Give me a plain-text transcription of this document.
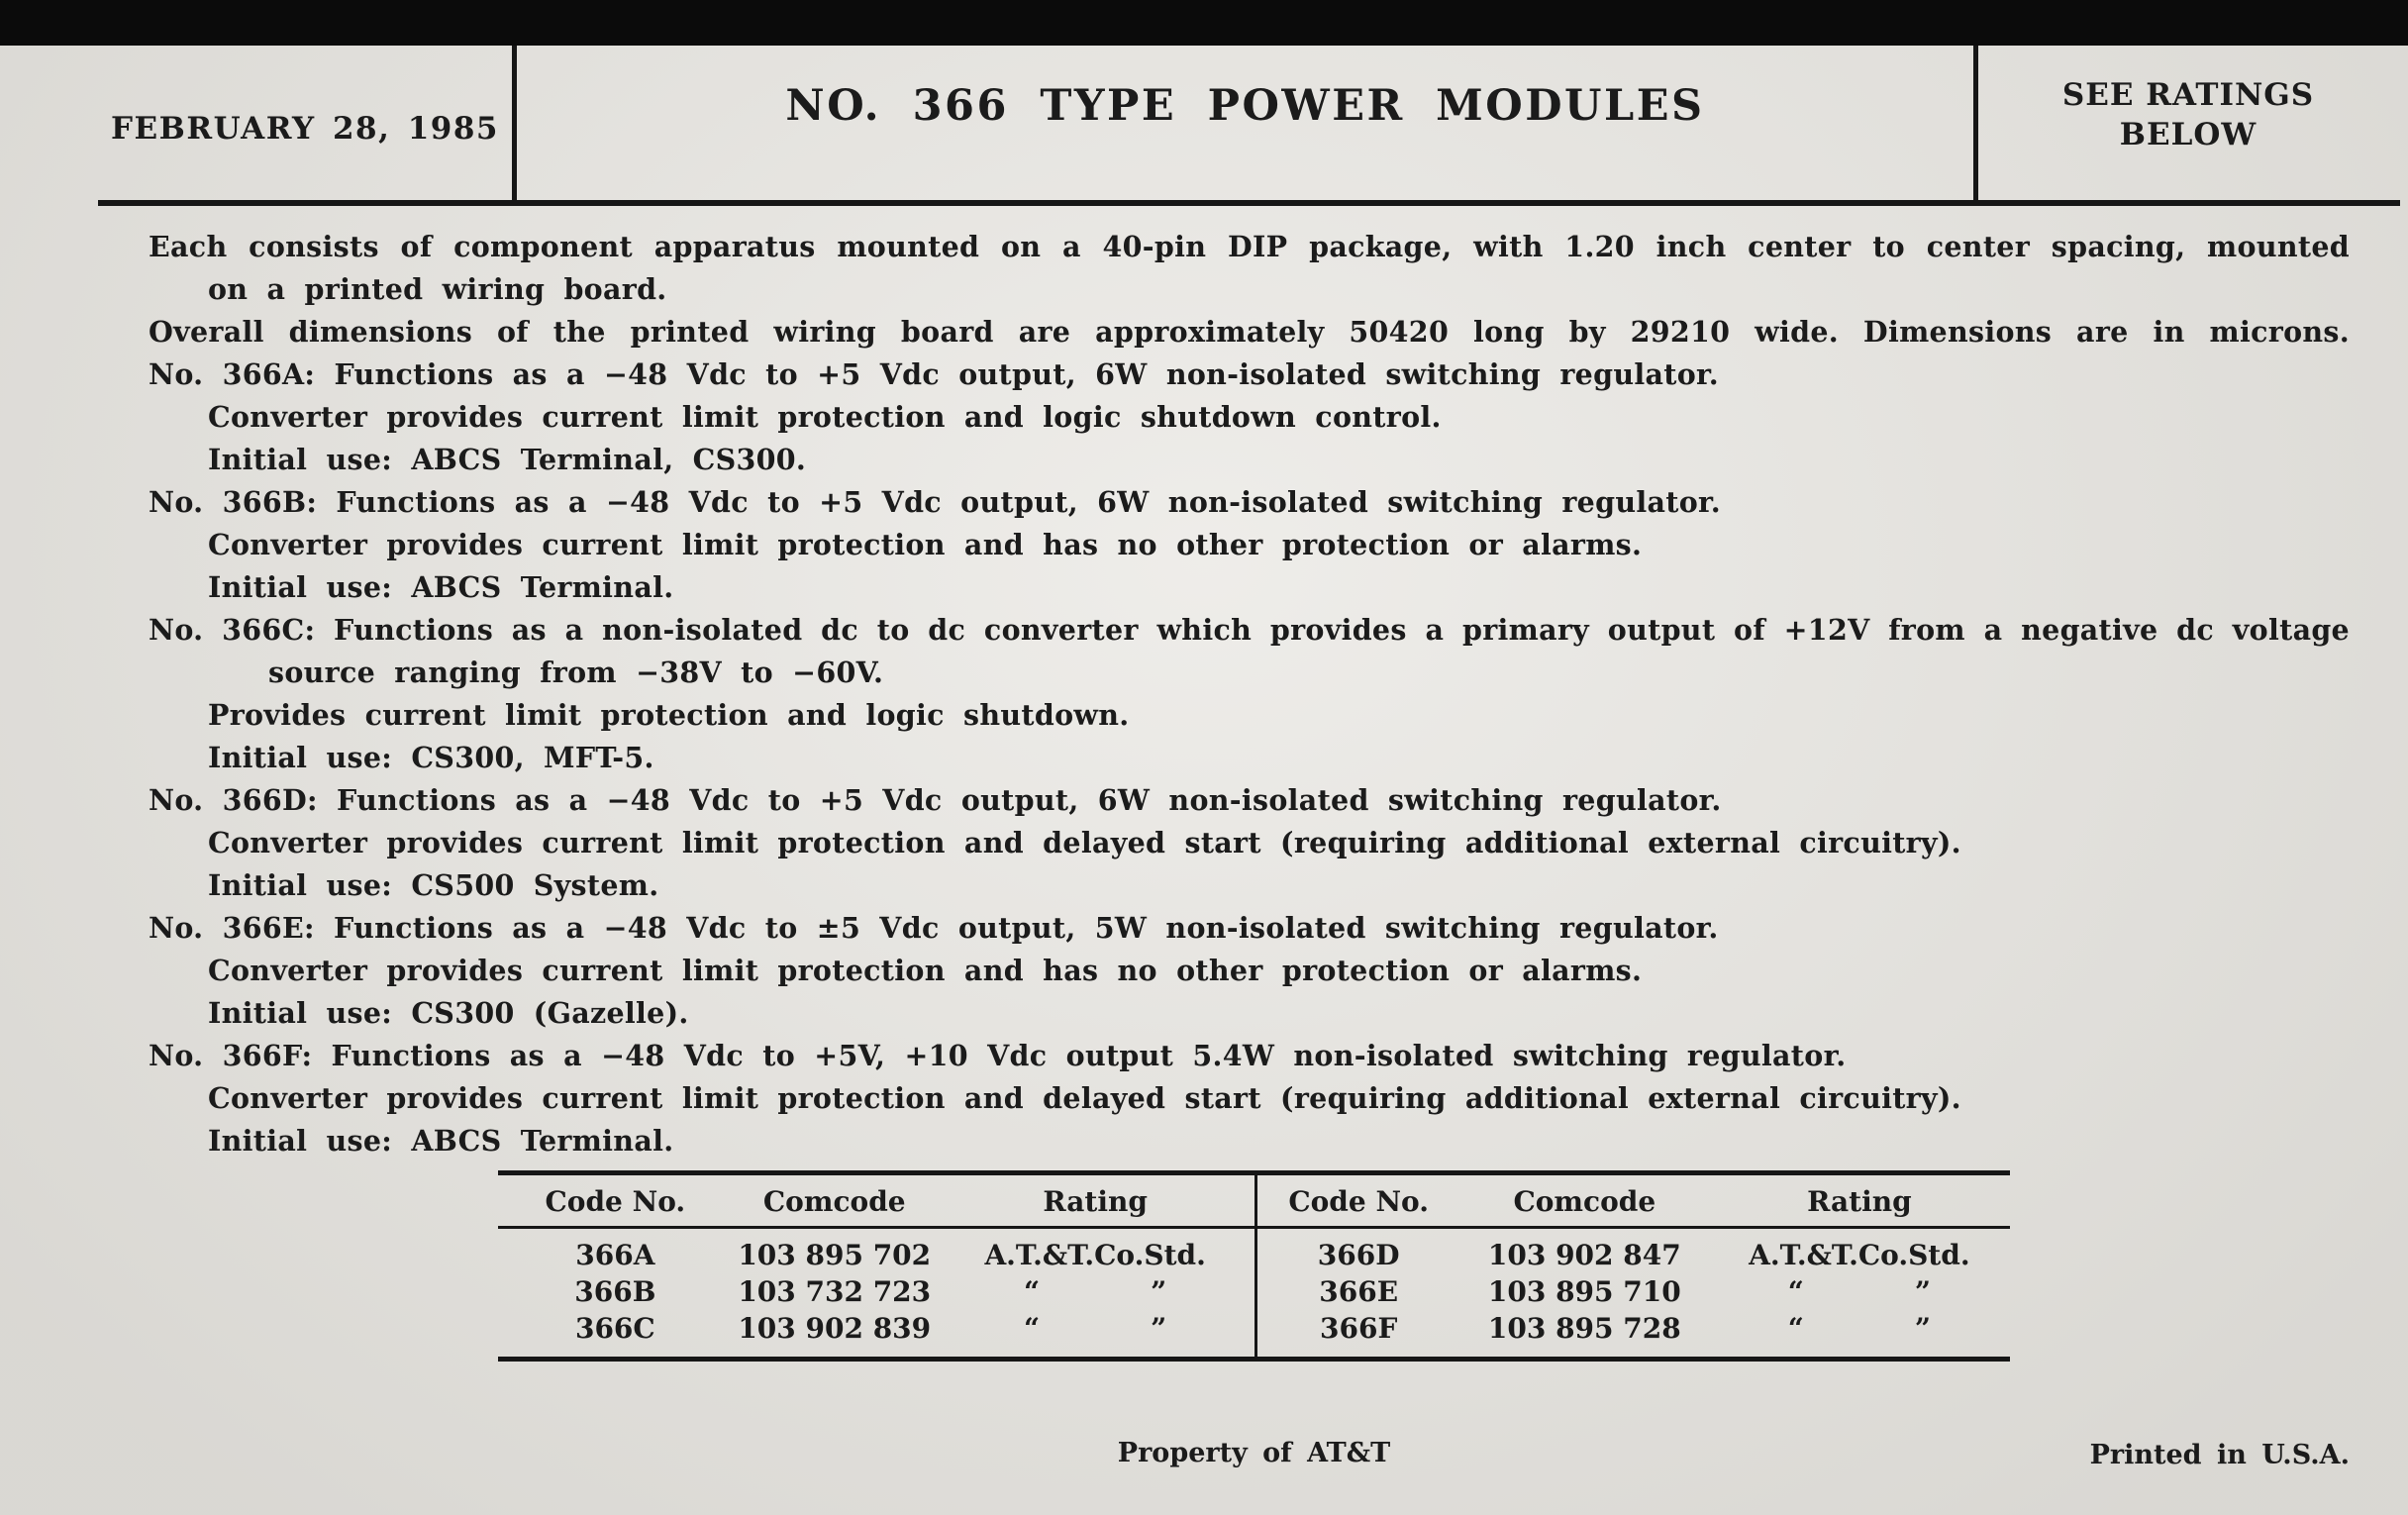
FEBRUARY 28, 1985	NO. 366 TYPE POWER MODULES	SEE RATINGS
BELOW
Each consists of component apparatus mounted on a 40-pin DIP package, with 1.20 inch center to center spacing, mounted
on a printed wiring board.
Overall dimensions of the printed wiring board are approximately 50420 long by 29210 wide. Dimensions are in microns.
No. 366A: Functions as a −48 Vdc to +5 Vdc output, 6W non-isolated switching regulator.
Converter provides current limit protection and logic shutdown control.
Initial use: ABCS Terminal, CS300.
No. 366B: Functions as a −48 Vdc to +5 Vdc output, 6W non-isolated switching regulator.
Converter provides current limit protection and has no other protection or alarms.
Initial use: ABCS Terminal.
No. 366C: Functions as a non-isolated dc to dc converter which provides a primary output of +12V from a negative dc voltage
source ranging from −38V to −60V.
Provides current limit protection and logic shutdown.
Initial use: CS300, MFT-5.
No. 366D: Functions as a −48 Vdc to +5 Vdc output, 6W non-isolated switching regulator.
Converter provides current limit protection and delayed start (requiring additional external circuitry).
Initial use: CS500 System.
No. 366E: Functions as a −48 Vdc to ±5 Vdc output, 5W non-isolated switching regulator.
Converter provides current limit protection and has no other protection or alarms.
Initial use: CS300 (Gazelle).
No. 366F: Functions as a −48 Vdc to +5V, +10 Vdc output 5.4W non-isolated switching regulator.
Converter provides current limit protection and delayed start (requiring additional external circuitry).
Initial use: ABCS Terminal.
Code No.	Comcode	Rating
366A	103 895 702	A.T.&T.Co.Std.
366B	103 732 723	“    ”
366C	103 902 839	“    ”
Code No.	Comcode	Rating
366D	103 902 847	A.T.&T.Co.Std.
366E	103 895 710	“    ”
366F	103 895 728	“    ”
Property of AT&T	Printed in U.S.A.
